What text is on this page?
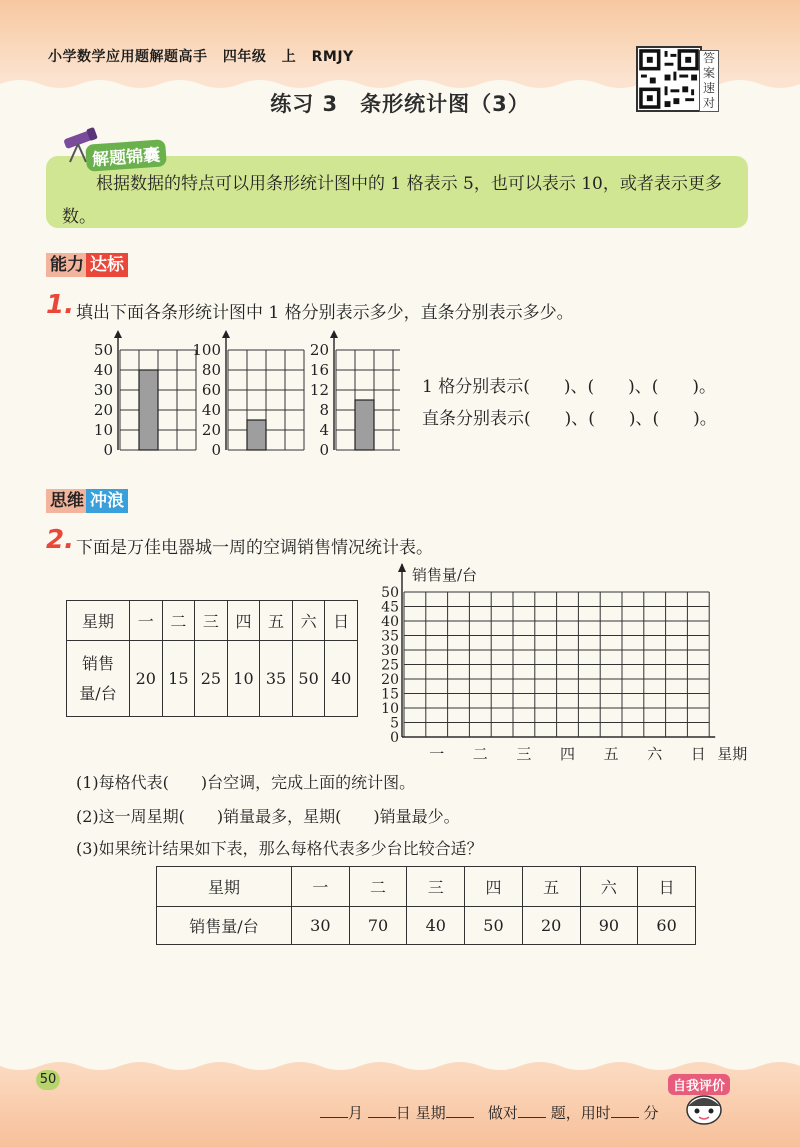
小学数学应用题解题高手 四年级 上 RMJY	答
案
速
对
练习 3　条形统计图（3）
解题锦囊
根据数据的特点可以用条形统计图中的 1 格表示 5，也可以表示 10，或者表示更多数。
能力 达标
1. 填出下面各条形统计图中 1 格分别表示多少，直条分别表示多少。
50
40
30
20
10
0
100
80
60
40
20
0
20
16
12
8
4
0
1 格分别表示(　　)、(　　)、(　　)。
直条分别表示(　　)、(　　)、(　　)。
思维 冲浪
2. 下面是万佳电器城一周的空调销售情况统计表。
星期	一	二	三	四	五	六	日

销售
量/台	20	15	25	10	35	50	40
销售量/台
50
45
40
35
30
25
20
15
10
5
0
一 二 三 四 五 六 日 星期
(1)每格代表(　　)台空调，完成上面的统计图。
(2)这一周星期(　　)销量最多，星期(　　)销量最少。
(3)如果统计结果如下表，那么每格代表多少台比较合适？
星期	一	二	三	四	五	六	日
销售量/台	30	70	40	50	20	90	60
50
月 日 星期	做对 题，用时 分
自我评价
